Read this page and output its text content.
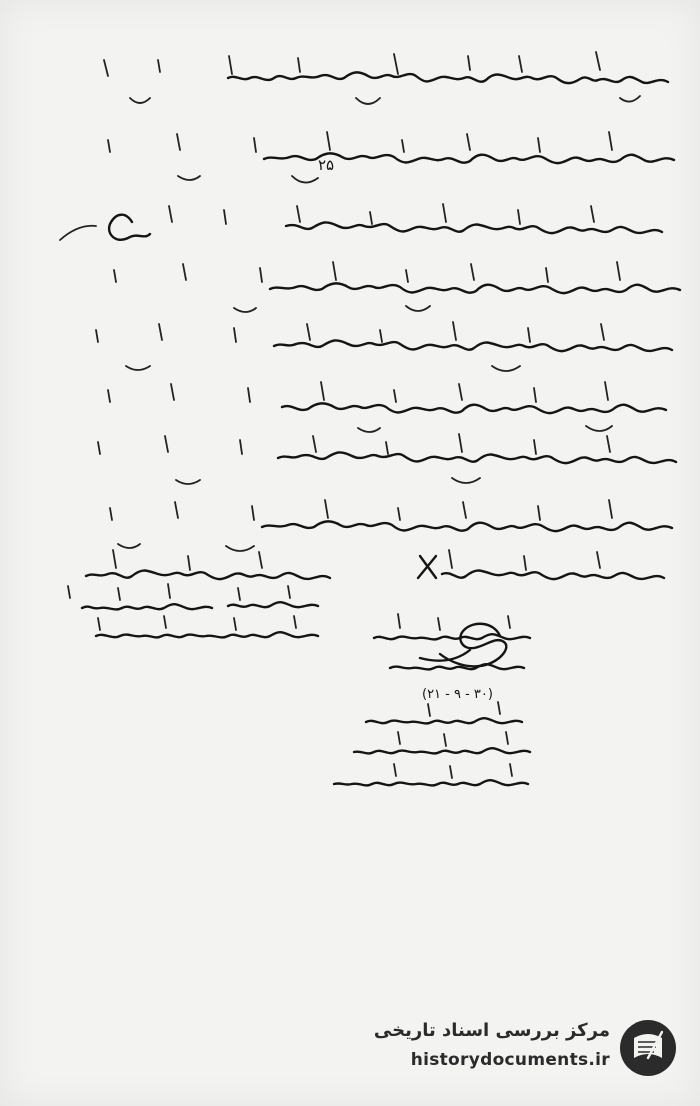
۲۵
(۲۱ - ۹ - ۳۰)
مرکز بررسی اسناد تاریخی
historydocuments.ir
